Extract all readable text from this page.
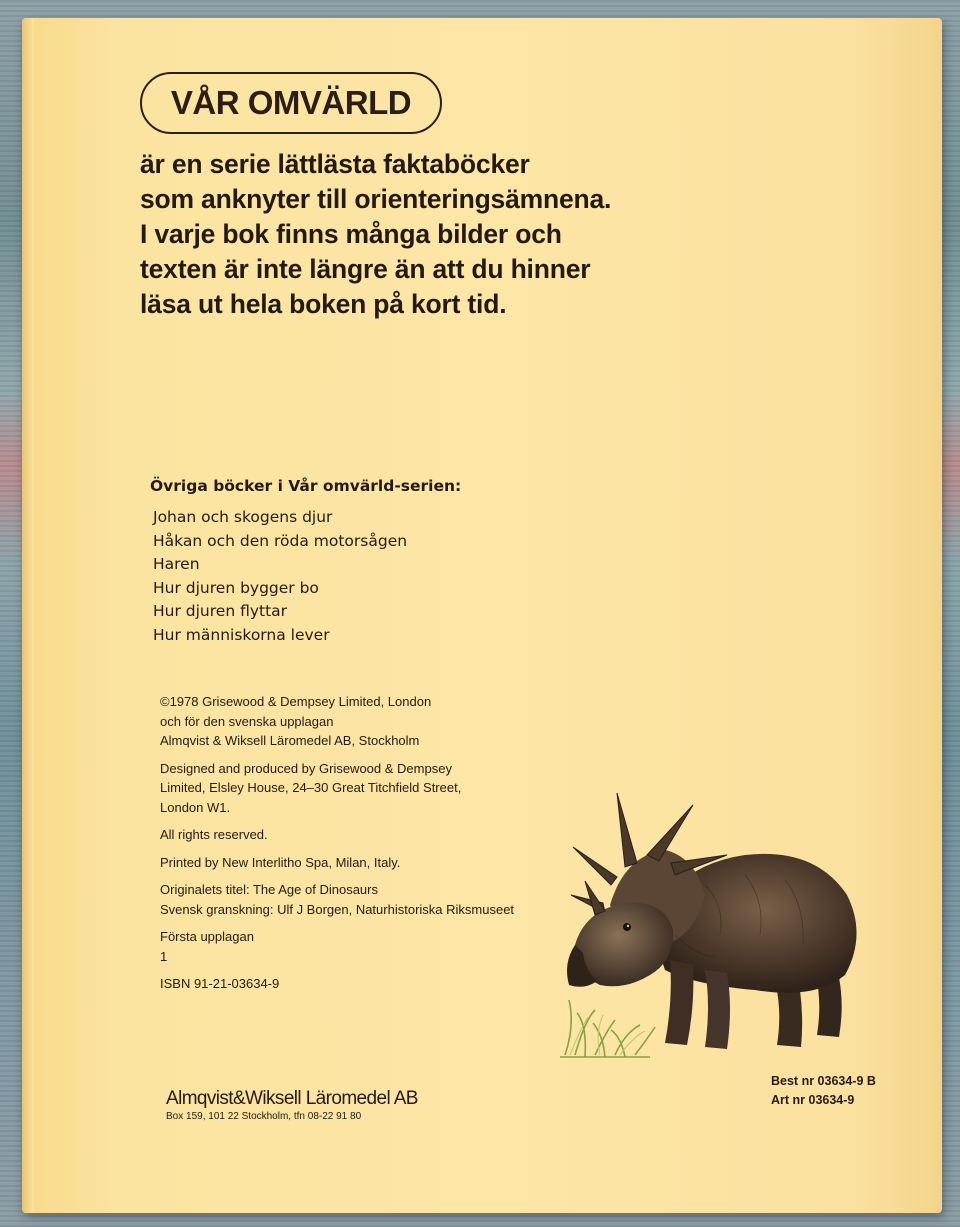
VÅR OMVÄRLD
är en serie lättlästa faktaböcker
som anknyter till orienteringsämnena.
I varje bok finns många bilder och
texten är inte längre än att du hinner
läsa ut hela boken på kort tid.
Övriga böcker i Vår omvärld-serien:
Johan och skogens djur
Håkan och den röda motorsågen
Haren
Hur djuren bygger bo
Hur djuren flyttar
Hur människorna lever
©1978 Grisewood & Dempsey Limited, London
och för den svenska upplagan
Almqvist & Wiksell Läromedel AB, Stockholm
Designed and produced by Grisewood & Dempsey
Limited, Elsley House, 24–30 Great Titchfield Street,
London W1.
All rights reserved.
Printed by New Interlitho Spa, Milan, Italy.
Originalets titel: The Age of Dinosaurs
Svensk granskning: Ulf J Borgen, Naturhistoriska Riksmuseet
Första upplagan
1
ISBN 91-21-03634-9
Almqvist&Wiksell Läromedel AB
Box 159, 101 22 Stockholm, tfn 08-22 91 80
Best nr 03634-9 B
Art nr 03634-9
